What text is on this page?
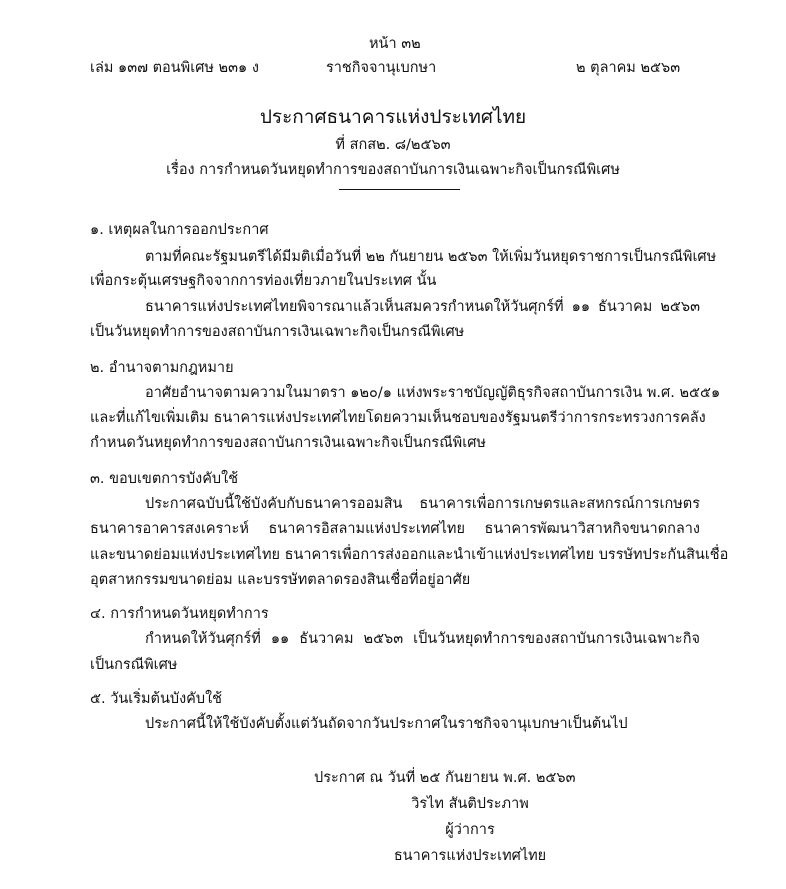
หน้า ๓๒
เล่ม ๑๓๗ ตอนพิเศษ ๒๓๑ ง	ราชกิจจานุเบกษา	๒ ตุลาคม ๒๕๖๓
ประกาศธนาคารแห่งประเทศไทย
ที่ สกส๒. ๘/๒๕๖๓
เรื่อง การกำหนดวันหยุดทำการของสถาบันการเงินเฉพาะกิจเป็นกรณีพิเศษ
๑. เหตุผลในการออกประกาศ
ตามที่คณะรัฐมนตรีได้มีมติเมื่อวันที่ ๒๒ กันยายน ๒๕๖๓ ให้เพิ่มวันหยุดราชการเป็นกรณีพิเศษ
เพื่อกระตุ้นเศรษฐกิจจากการท่องเที่ยวภายในประเทศ นั้น
ธนาคารแห่งประเทศไทยพิจารณาแล้วเห็นสมควรกำหนดให้วันศุกร์ที่ ๑๑ ธันวาคม ๒๕๖๓
เป็นวันหยุดทำการของสถาบันการเงินเฉพาะกิจเป็นกรณีพิเศษ
๒. อำนาจตามกฎหมาย
อาศัยอำนาจตามความในมาตรา ๑๒๐/๑ แห่งพระราชบัญญัติธุรกิจสถาบันการเงิน พ.ศ. ๒๕๕๑
และที่แก้ไขเพิ่มเติม ธนาคารแห่งประเทศไทยโดยความเห็นชอบของรัฐมนตรีว่าการกระทรวงการคลัง
กำหนดวันหยุดทำการของสถาบันการเงินเฉพาะกิจเป็นกรณีพิเศษ
๓. ขอบเขตการบังคับใช้
ประกาศฉบับนี้ใช้บังคับกับธนาคารออมสิน ธนาคารเพื่อการเกษตรและสหกรณ์การเกษตร
ธนาคารอาคารสงเคราะห์ ธนาคารอิสลามแห่งประเทศไทย ธนาคารพัฒนาวิสาหกิจขนาดกลาง
และขนาดย่อมแห่งประเทศไทย ธนาคารเพื่อการส่งออกและนำเข้าแห่งประเทศไทย บรรษัทประกันสินเชื่อ
อุตสาหกรรมขนาดย่อม และบรรษัทตลาดรองสินเชื่อที่อยู่อาศัย
๔. การกำหนดวันหยุดทำการ
กำหนดให้วันศุกร์ที่ ๑๑ ธันวาคม ๒๕๖๓ เป็นวันหยุดทำการของสถาบันการเงินเฉพาะกิจ
เป็นกรณีพิเศษ
๕. วันเริ่มต้นบังคับใช้
ประกาศนี้ให้ใช้บังคับตั้งแต่วันถัดจากวันประกาศในราชกิจจานุเบกษาเป็นต้นไป
ประกาศ ณ วันที่ ๒๕ กันยายน พ.ศ. ๒๕๖๓
วิรไท สันติประภาพ
ผู้ว่าการ
ธนาคารแห่งประเทศไทย
